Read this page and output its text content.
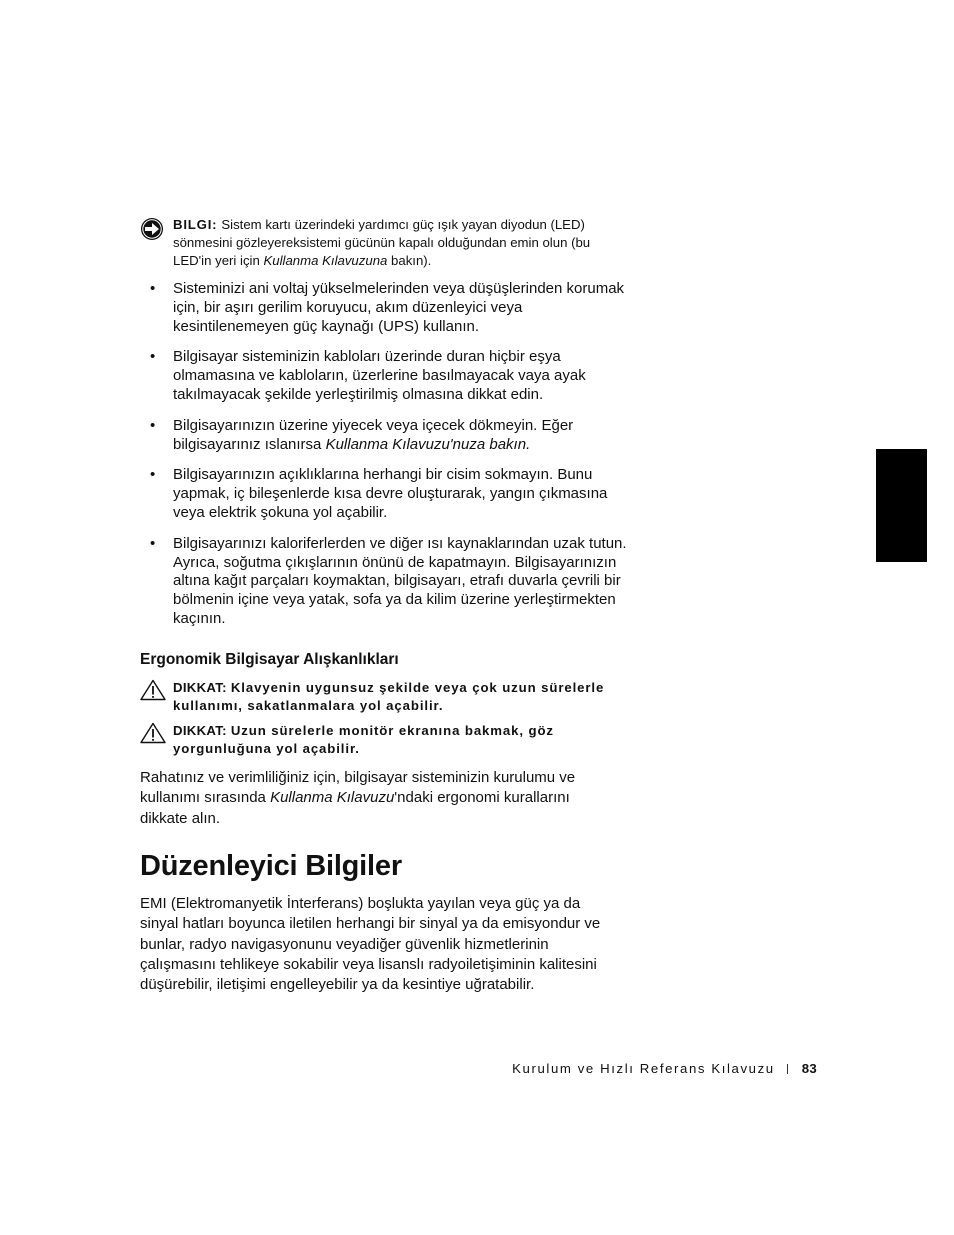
BILGI: Sistem kartı üzerindeki yardımcı güç ışık yayan diyodun (LED) sönmesini gözleyereksistemi gücünün kapalı olduğundan emin olun (bu LED'in yeri için Kullanma Kılavuzuna bakın).
• Sisteminizi ani voltaj yükselmelerinden veya düşüşlerinden korumak için, bir aşırı gerilim koruyucu, akım düzenleyici veya kesintilenemeyen güç kaynağı (UPS) kullanın.
• Bilgisayar sisteminizin kabloları üzerinde duran hiçbir eşya olmamasına ve kabloların, üzerlerine basılmayacak vaya ayak takılmayacak şekilde yerleştirilmiş olmasına dikkat edin.
• Bilgisayarınızın üzerine yiyecek veya içecek dökmeyin. Eğer bilgisayarınız ıslanırsa Kullanma Kılavuzu'nuza bakın.
• Bilgisayarınızın açıklıklarına herhangi bir cisim sokmayın. Bunu yapmak, iç bileşenlerde kısa devre oluşturarak, yangın çıkmasına veya elektrik şokuna yol açabilir.
• Bilgisayarınızı kaloriferlerden ve diğer ısı kaynaklarından uzak tutun. Ayrıca, soğutma çıkışlarının önünü de kapatmayın. Bilgisayarınızın altına kağıt parçaları koymaktan, bilgisayarı, etrafı duvarla çevrili bir bölmenin içine veya yatak, sofa ya da kilim üzerine yerleştirmekten kaçının.
Ergonomik Bilgisayar Alışkanlıkları
DIKKAT: Klavyenin uygunsuz şekilde veya çok uzun sürelerle kullanımı, sakatlanmalara yol açabilir.
DIKKAT: Uzun sürelerle monitör ekranına bakmak, göz yorgunluğuna yol açabilir.

Rahatınız ve verimliliğiniz için, bilgisayar sisteminizin kurulumu ve kullanımı sırasında Kullanma Kılavuzu'ndaki ergonomi kurallarını dikkate alın.

Düzenleyici Bilgiler

EMI (Elektromanyetik İnterferans) boşlukta yayılan veya güç ya da sinyal hatları boyunca iletilen herhangi bir sinyal ya da emisyondur ve bunlar, radyo navigasyonunu veyadiğer güvenlik hizmetlerinin çalışmasını tehlikeye sokabilir veya lisanslı radyoiletişiminin kalitesini düşürebilir, iletişimi engelleyebilir ya da kesintiye uğratabilir.

Kurulum ve Hızlı Referans Kılavuzu 83
